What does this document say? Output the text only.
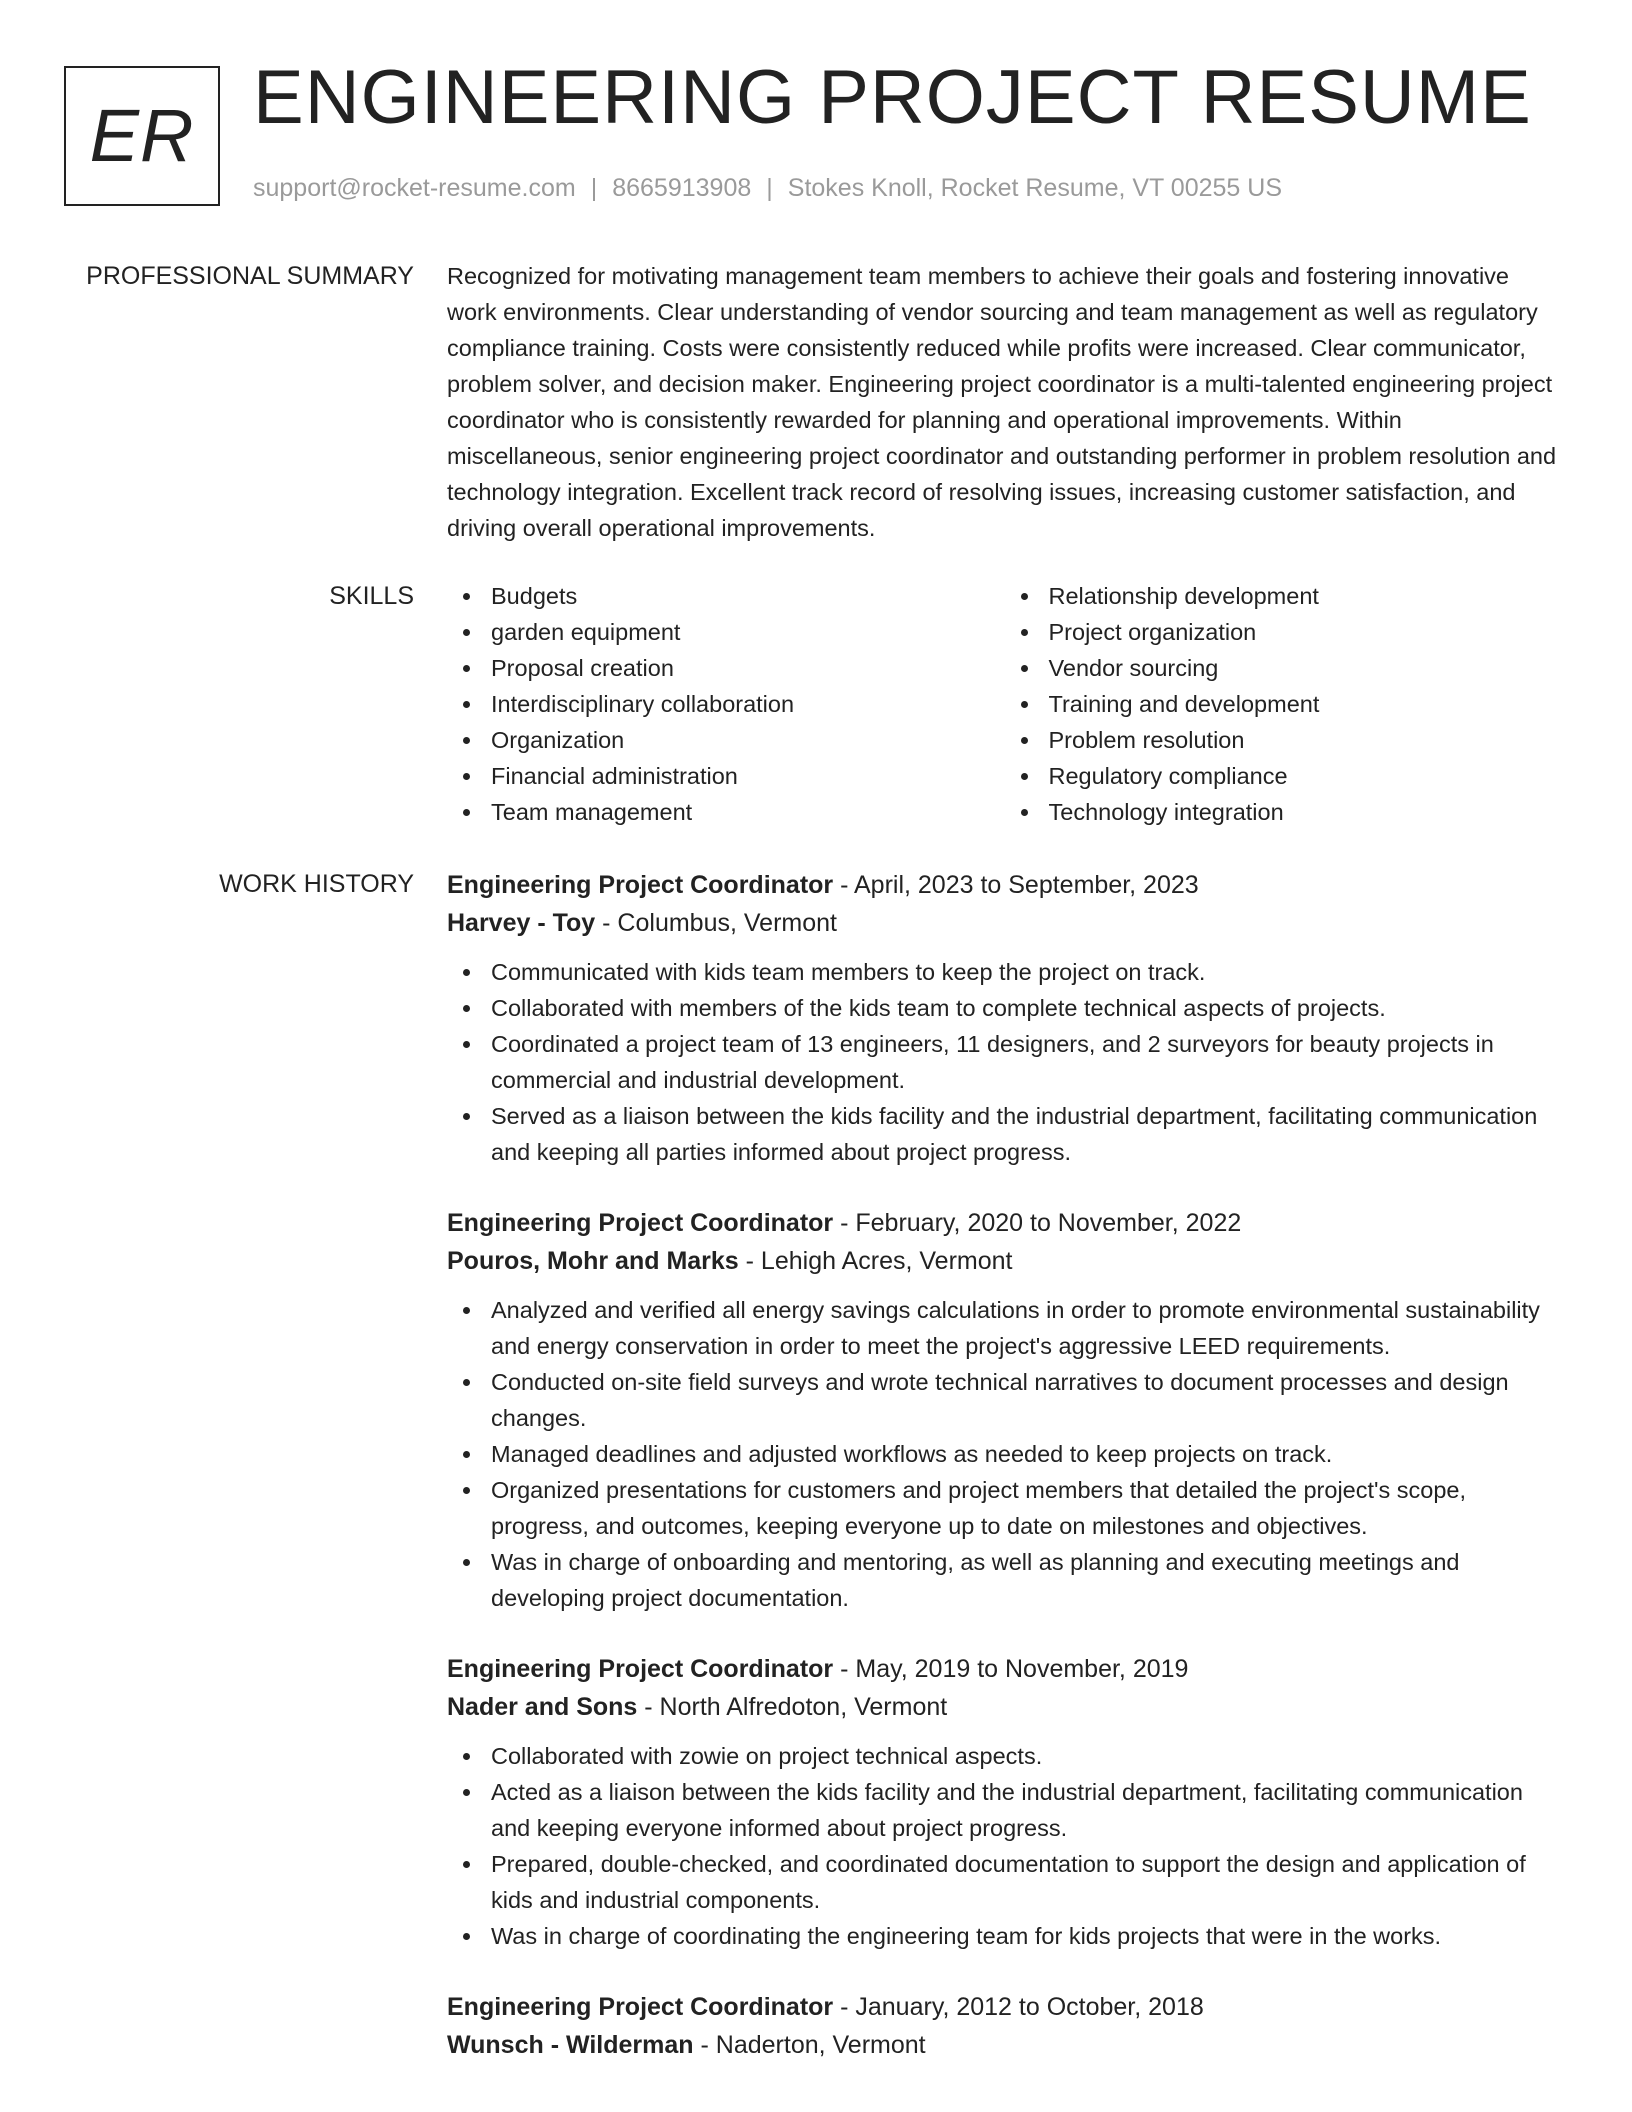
ER ENGINEERING PROJECT RESUME
support@rocket-resume.com | 8665913908 | Stokes Knoll, Rocket Resume, VT 00255 US
PROFESSIONAL SUMMARY Recognized for motivating management team members to achieve their goals and fostering innovative work environments. Clear understanding of vendor sourcing and team management as well as regulatory compliance training. Costs were consistently reduced while profits were increased. Clear communicator, problem solver, and decision maker. Engineering project coordinator is a multi-talented engineering project coordinator who is consistently rewarded for planning and operational improvements. Within miscellaneous, senior engineering project coordinator and outstanding performer in problem resolution and technology integration. Excellent track record of resolving issues, increasing customer satisfaction, and driving overall operational improvements.

SKILLS	Budgets
garden equipment
Proposal creation
Interdisciplinary collaboration
Organization
Financial administration
Team management
Relationship development
Project organization
Vendor sourcing
Training and development
Problem resolution
Regulatory compliance
Technology integration
WORK HISTORY Engineering Project Coordinator - April, 2023 to September, 2023
Harvey - Toy - Columbus, Vermont
Communicated with kids team members to keep the project on track.
Collaborated with members of the kids team to complete technical aspects of projects.
Coordinated a project team of 13 engineers, 11 designers, and 2 surveyors for beauty projects in commercial and industrial development.
Served as a liaison between the kids facility and the industrial department, facilitating communication and keeping all parties informed about project progress.
Engineering Project Coordinator - February, 2020 to November, 2022
Pouros, Mohr and Marks - Lehigh Acres, Vermont
Analyzed and verified all energy savings calculations in order to promote environmental sustainability and energy conservation in order to meet the project's aggressive LEED requirements.
Conducted on-site field surveys and wrote technical narratives to document processes and design changes.
Managed deadlines and adjusted workflows as needed to keep projects on track.
Organized presentations for customers and project members that detailed the project's scope, progress, and outcomes, keeping everyone up to date on milestones and objectives.
Was in charge of onboarding and mentoring, as well as planning and executing meetings and developing project documentation.
Engineering Project Coordinator - May, 2019 to November, 2019
Nader and Sons - North Alfredoton, Vermont
Collaborated with zowie on project technical aspects.
Acted as a liaison between the kids facility and the industrial department, facilitating communication and keeping everyone informed about project progress.
Prepared, double-checked, and coordinated documentation to support the design and application of kids and industrial components.
Was in charge of coordinating the engineering team for kids projects that were in the works.
Engineering Project Coordinator - January, 2012 to October, 2018
Wunsch - Wilderman - Naderton, Vermont
